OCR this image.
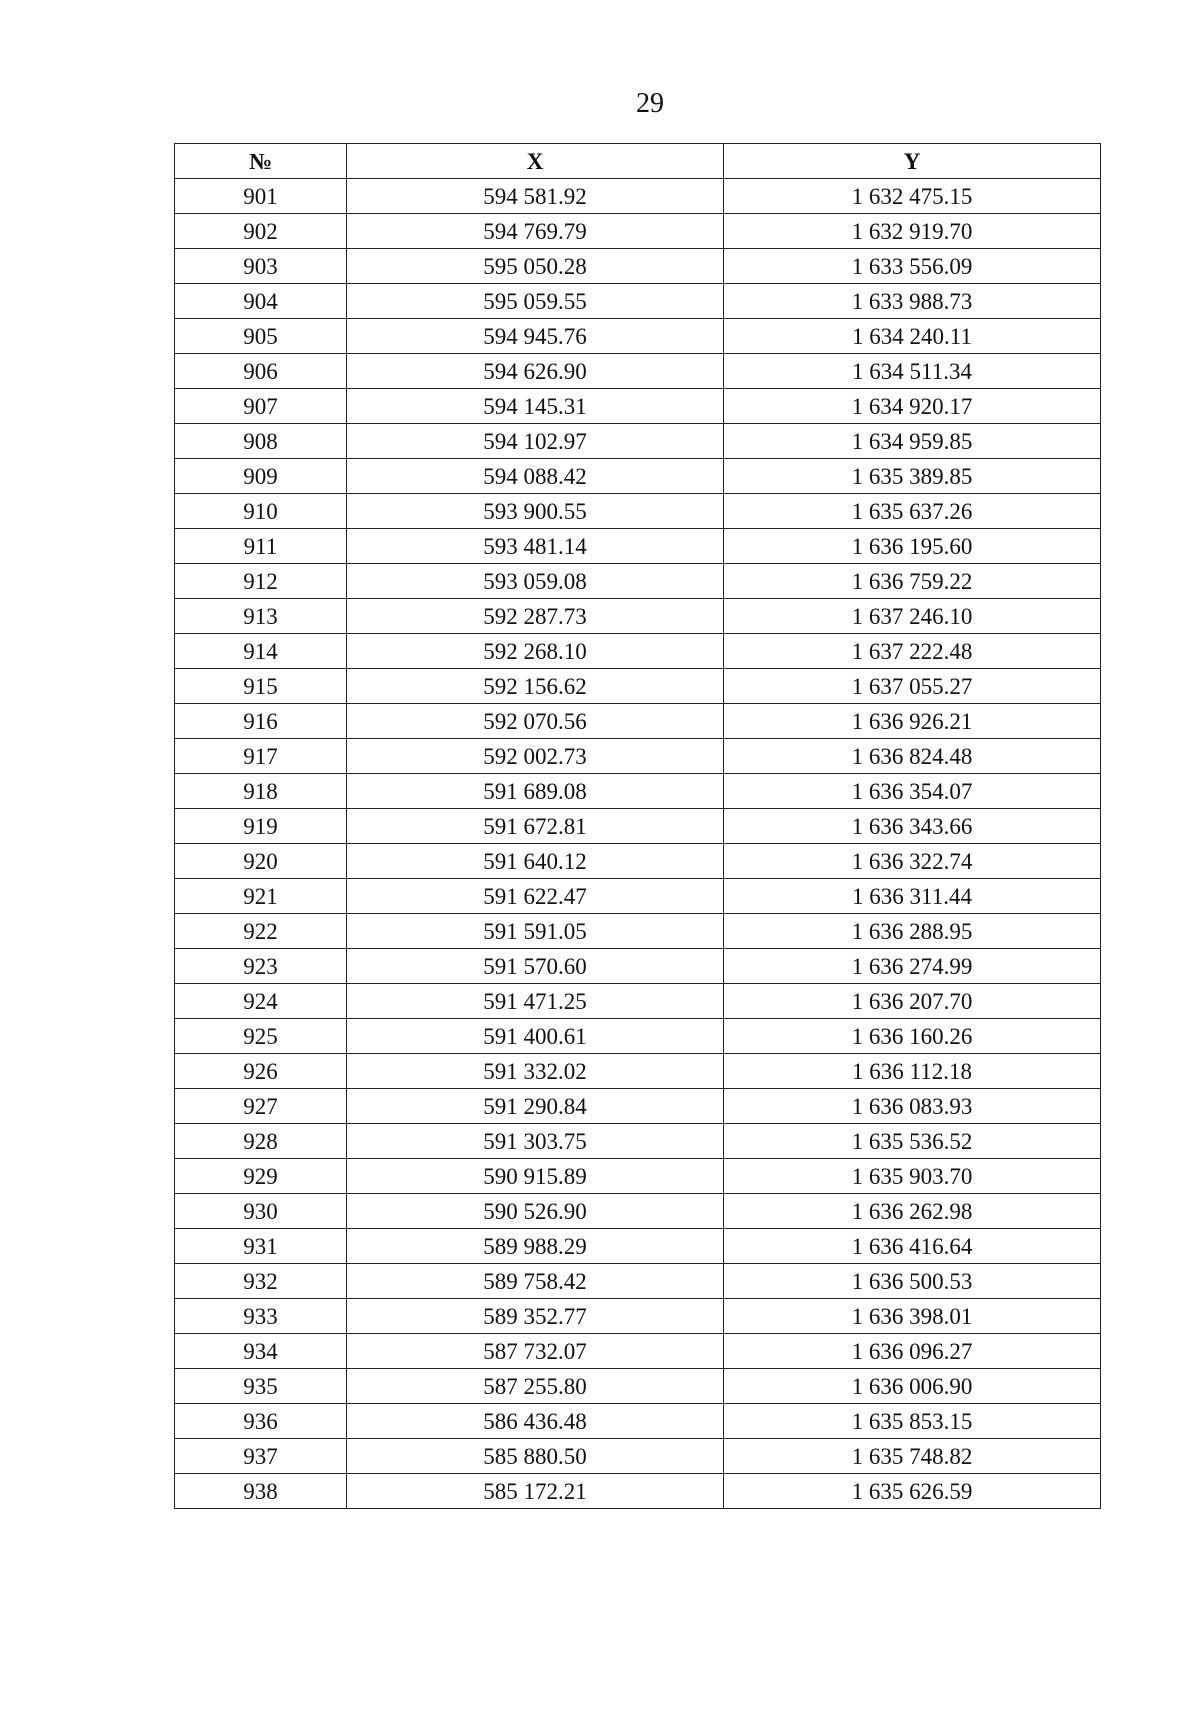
29
№	X	Y
901	594 581.92	1 632 475.15
902	594 769.79	1 632 919.70
903	595 050.28	1 633 556.09
904	595 059.55	1 633 988.73
905	594 945.76	1 634 240.11
906	594 626.90	1 634 511.34
907	594 145.31	1 634 920.17
908	594 102.97	1 634 959.85
909	594 088.42	1 635 389.85
910	593 900.55	1 635 637.26
911	593 481.14	1 636 195.60
912	593 059.08	1 636 759.22
913	592 287.73	1 637 246.10
914	592 268.10	1 637 222.48
915	592 156.62	1 637 055.27
916	592 070.56	1 636 926.21
917	592 002.73	1 636 824.48
918	591 689.08	1 636 354.07
919	591 672.81	1 636 343.66
920	591 640.12	1 636 322.74
921	591 622.47	1 636 311.44
922	591 591.05	1 636 288.95
923	591 570.60	1 636 274.99
924	591 471.25	1 636 207.70
925	591 400.61	1 636 160.26
926	591 332.02	1 636 112.18
927	591 290.84	1 636 083.93
928	591 303.75	1 635 536.52
929	590 915.89	1 635 903.70
930	590 526.90	1 636 262.98
931	589 988.29	1 636 416.64
932	589 758.42	1 636 500.53
933	589 352.77	1 636 398.01
934	587 732.07	1 636 096.27
935	587 255.80	1 636 006.90
936	586 436.48	1 635 853.15
937	585 880.50	1 635 748.82
938	585 172.21	1 635 626.59
